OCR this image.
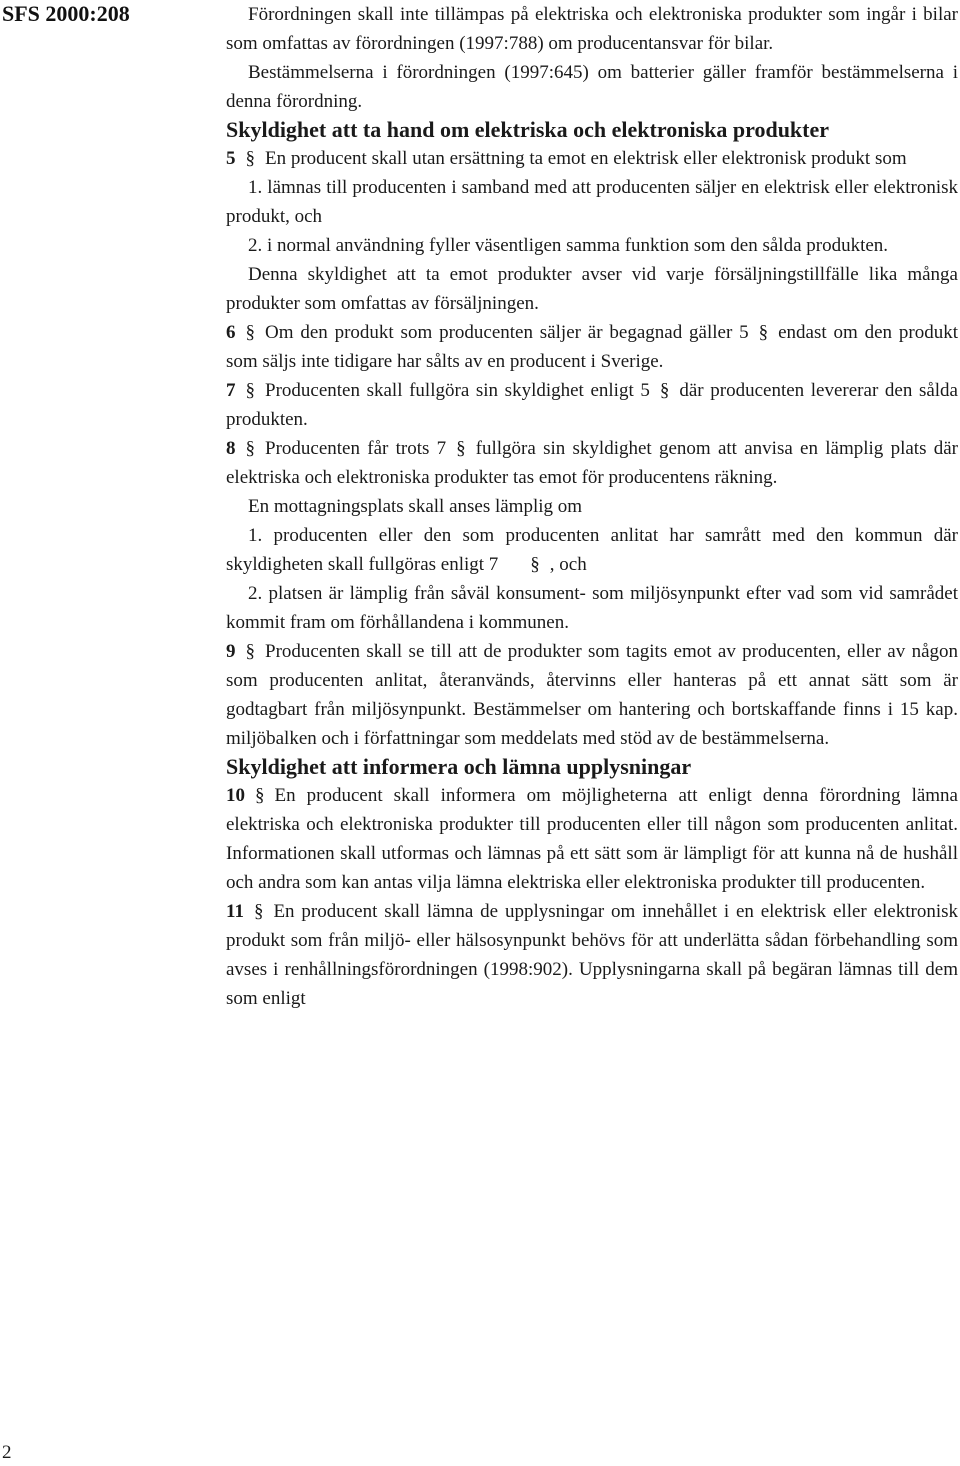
SFS 2000:208	Förordningen skall inte tillämpas på elektriska och elektroniska produkter som ingår i bilar som omfattas av förordningen (1997:788) om producentansvar för bilar.

Bestämmelserna i förordningen (1997:645) om batterier gäller framför bestämmelserna i denna förordning.

Skyldighet att ta hand om elektriska och elektroniska produkter

5 § En producent skall utan ersättning ta emot en elektrisk eller elektronisk produkt som

1. lämnas till producenten i samband med att producenten säljer en elektrisk eller elektronisk produkt, och

2. i normal användning fyller väsentligen samma funktion som den sålda produkten.

Denna skyldighet att ta emot produkter avser vid varje försäljningstillfälle lika många produkter som omfattas av försäljningen.

6 § Om den produkt som producenten säljer är begagnad gäller 5 § endast om den produkt som säljs inte tidigare har sålts av en producent i Sverige.

7 § Producenten skall fullgöra sin skyldighet enligt 5 § där producenten levererar den sålda produkten.

8 § Producenten får trots 7 § fullgöra sin skyldighet genom att anvisa en lämplig plats där elektriska och elektroniska produkter tas emot för producentens räkning.

En mottagningsplats skall anses lämplig om

1. producenten eller den som producenten anlitat har samrått med den kommun där skyldigheten skall fullgöras enligt 7 § , och

2. platsen är lämplig från såväl konsument- som miljösynpunkt efter vad som vid samrådet kommit fram om förhållandena i kommunen.

9 § Producenten skall se till att de produkter som tagits emot av producenten, eller av någon som producenten anlitat, återanvänds, återvinns eller hanteras på ett annat sätt som är godtagbart från miljösynpunkt. Bestämmelser om hantering och bortskaffande finns i 15 kap. miljöbalken och i författningar som meddelats med stöd av de bestämmelserna.

Skyldighet att informera och lämna upplysningar

10 § En producent skall informera om möjligheterna att enligt denna förordning lämna elektriska och elektroniska produkter till producenten eller till någon som producenten anlitat. Informationen skall utformas och lämnas på ett sätt som är lämpligt för att kunna nå de hushåll och andra som kan antas vilja lämna elektriska eller elektroniska produkter till producenten.

11 § En producent skall lämna de upplysningar om innehållet i en elektrisk eller elektronisk produkt som från miljö- eller hälsosynpunkt behövs för att underlätta sådan förbehandling som avses i renhållningsförordningen (1998:902). Upplysningarna skall på begäran lämnas till dem som enligt

2
